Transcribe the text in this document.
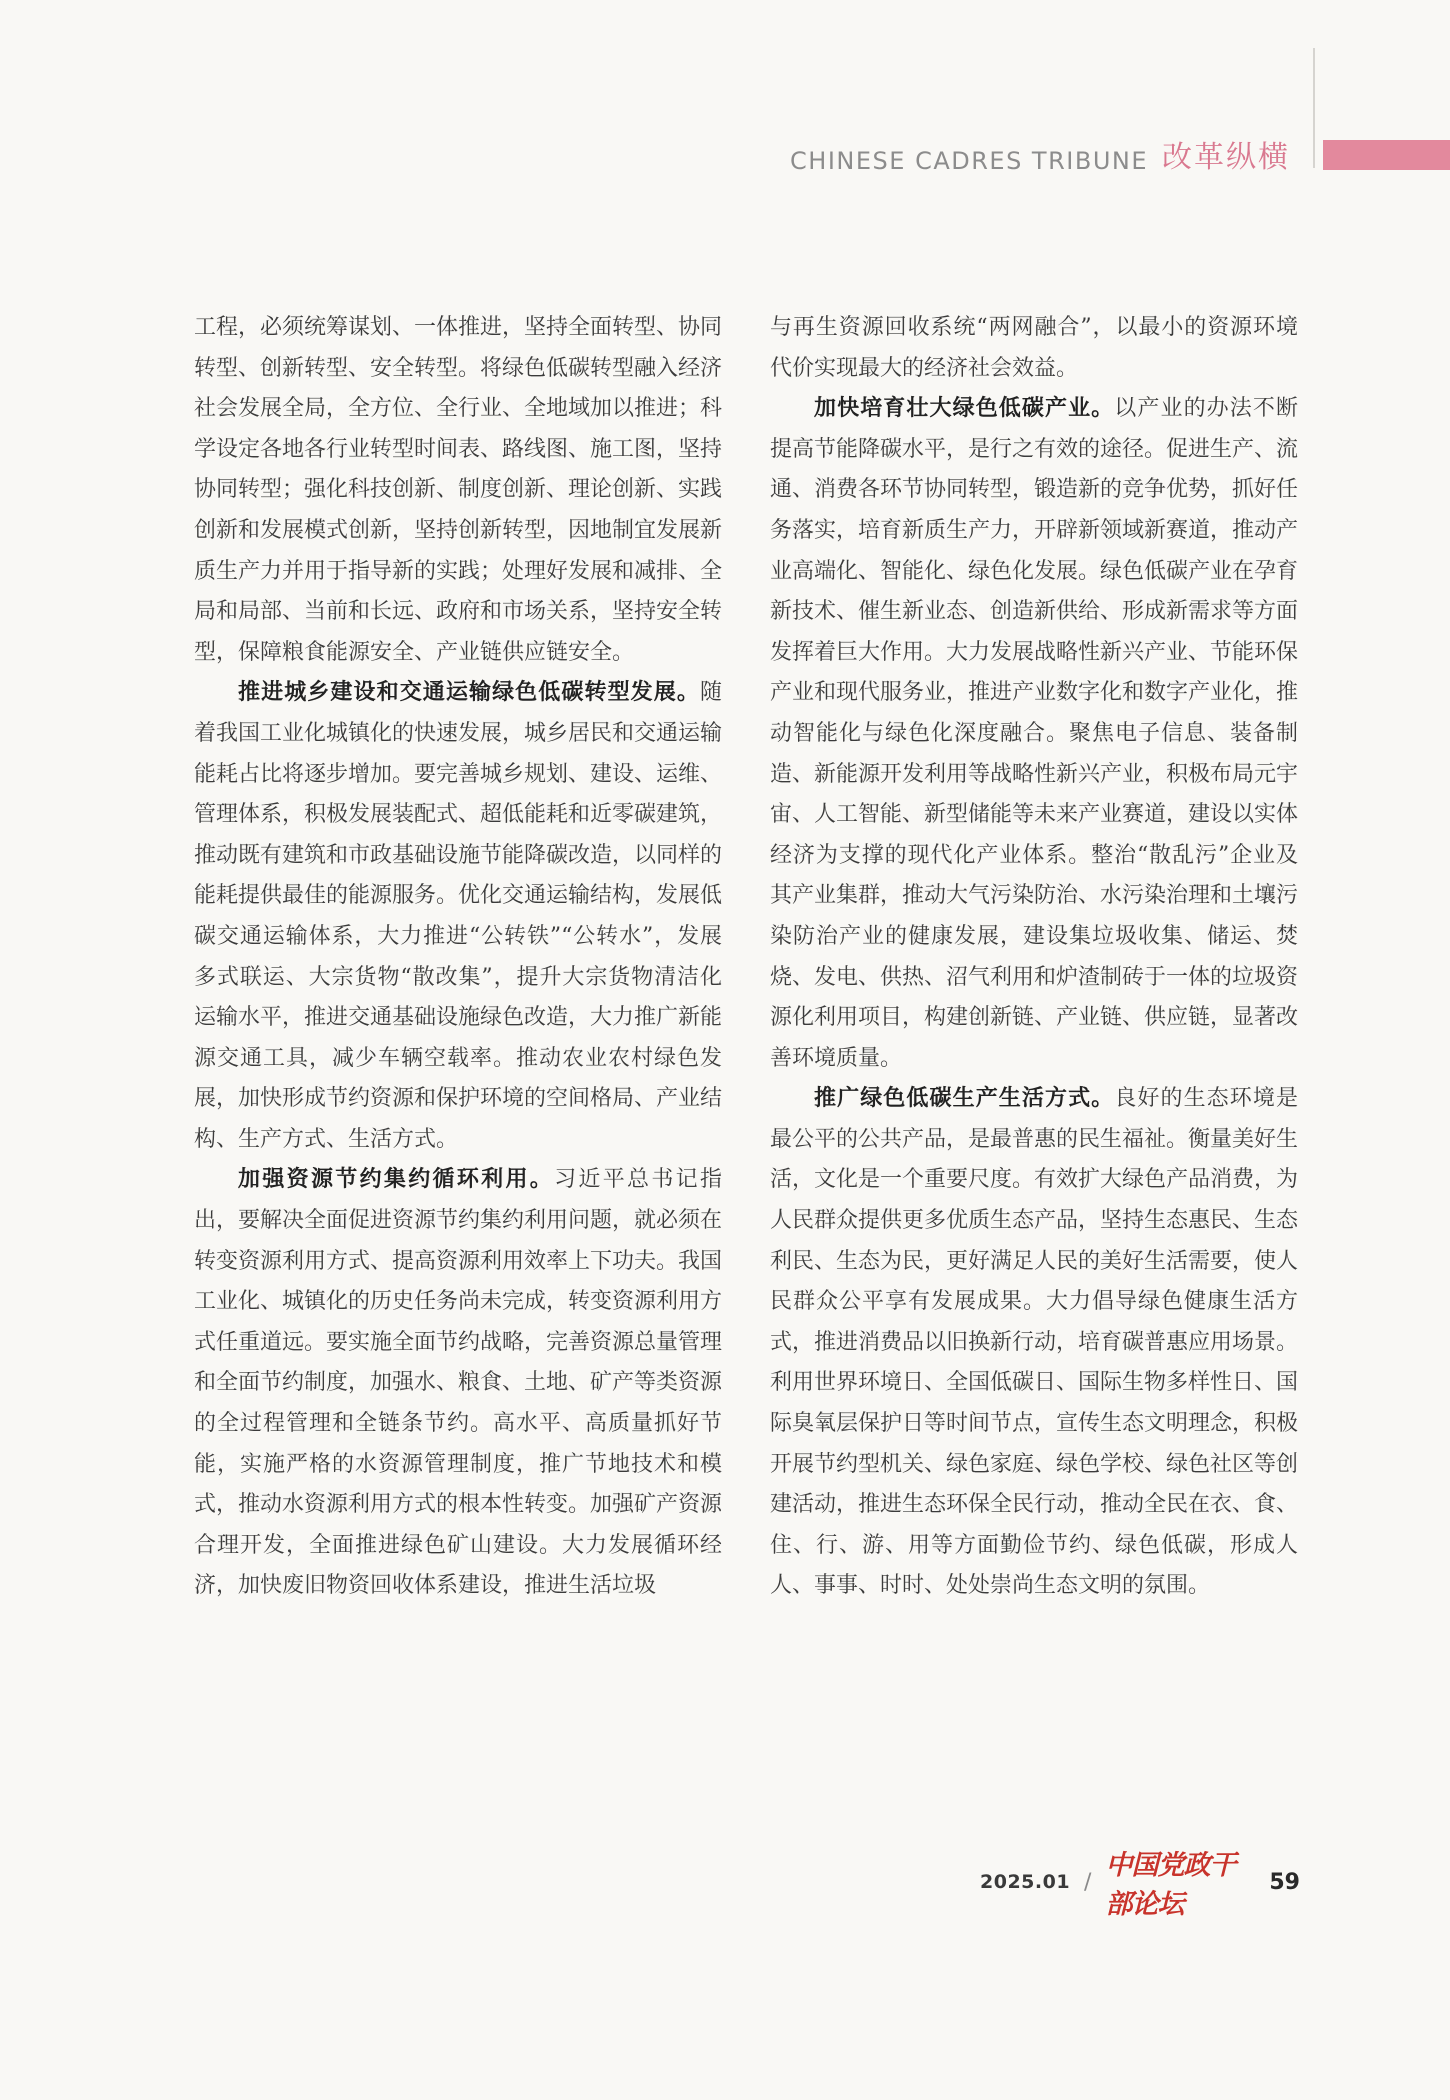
CHINESE CADRES TRIBUNE 改革纵横

工程，必须统筹谋划、一体推进，坚持全面转型、协同转型、创新转型、安全转型。将绿色低碳转型融入经济社会发展全局，全方位、全行业、全地域加以推进；科学设定各地各行业转型时间表、路线图、施工图，坚持协同转型；强化科技创新、制度创新、理论创新、实践创新和发展模式创新，坚持创新转型，因地制宜发展新质生产力并用于指导新的实践；处理好发展和减排、全局和局部、当前和长远、政府和市场关系，坚持安全转型，保障粮食能源安全、产业链供应链安全。

推进城乡建设和交通运输绿色低碳转型发展。随着我国工业化城镇化的快速发展，城乡居民和交通运输能耗占比将逐步增加。要完善城乡规划、建设、运维、管理体系，积极发展装配式、超低能耗和近零碳建筑，推动既有建筑和市政基础设施节能降碳改造，以同样的能耗提供最佳的能源服务。优化交通运输结构，发展低碳交通运输体系，大力推进“公转铁”“公转水”，发展多式联运、大宗货物“散改集”，提升大宗货物清洁化运输水平，推进交通基础设施绿色改造，大力推广新能源交通工具，减少车辆空载率。推动农业农村绿色发展，加快形成节约资源和保护环境的空间格局、产业结构、生产方式、生活方式。

加强资源节约集约循环利用。习近平总书记指出，要解决全面促进资源节约集约利用问题，就必须在转变资源利用方式、提高资源利用效率上下功夫。我国工业化、城镇化的历史任务尚未完成，转变资源利用方式任重道远。要实施全面节约战略，完善资源总量管理和全面节约制度，加强水、粮食、土地、矿产等类资源的全过程管理和全链条节约。高水平、高质量抓好节能，实施严格的水资源管理制度，推广节地技术和模式，推动水资源利用方式的根本性转变。加强矿产资源合理开发，全面推进绿色矿山建设。大力发展循环经济，加快废旧物资回收体系建设，推进生活垃圾

与再生资源回收系统“两网融合”，以最小的资源环境代价实现最大的经济社会效益。

加快培育壮大绿色低碳产业。以产业的办法不断提高节能降碳水平，是行之有效的途径。促进生产、流通、消费各环节协同转型，锻造新的竞争优势，抓好任务落实，培育新质生产力，开辟新领域新赛道，推动产业高端化、智能化、绿色化发展。绿色低碳产业在孕育新技术、催生新业态、创造新供给、形成新需求等方面发挥着巨大作用。大力发展战略性新兴产业、节能环保产业和现代服务业，推进产业数字化和数字产业化，推动智能化与绿色化深度融合。聚焦电子信息、装备制造、新能源开发利用等战略性新兴产业，积极布局元宇宙、人工智能、新型储能等未来产业赛道，建设以实体经济为支撑的现代化产业体系。整治“散乱污”企业及其产业集群，推动大气污染防治、水污染治理和土壤污染防治产业的健康发展，建设集垃圾收集、储运、焚烧、发电、供热、沼气利用和炉渣制砖于一体的垃圾资源化利用项目，构建创新链、产业链、供应链，显著改善环境质量。

推广绿色低碳生产生活方式。良好的生态环境是最公平的公共产品，是最普惠的民生福祉。衡量美好生活，文化是一个重要尺度。有效扩大绿色产品消费，为人民群众提供更多优质生态产品，坚持生态惠民、生态利民、生态为民，更好满足人民的美好生活需要，使人民群众公平享有发展成果。大力倡导绿色健康生活方式，推进消费品以旧换新行动，培育碳普惠应用场景。利用世界环境日、全国低碳日、国际生物多样性日、国际臭氧层保护日等时间节点，宣传生态文明理念，积极开展节约型机关、绿色家庭、绿色学校、绿色社区等创建活动，推进生态环保全民行动，推动全民在衣、食、住、行、游、用等方面勤俭节约、绿色低碳，形成人人、事事、时时、处处崇尚生态文明的氛围。

2025.01 /
中国党政干部论坛
59
